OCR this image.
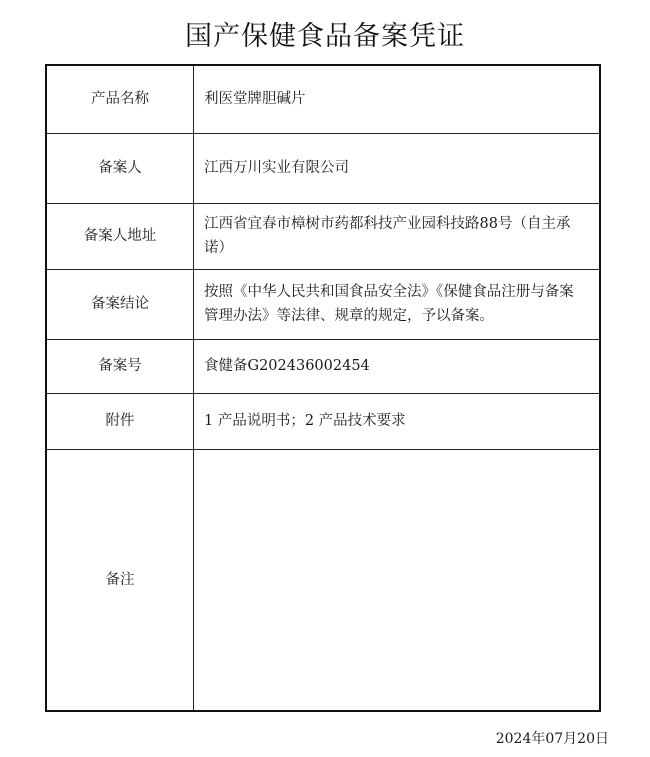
国产保健食品备案凭证
产品名称	利医堂牌胆碱片
备案人	江西万川实业有限公司
备案人地址	江西省宜春市樟树市药都科技产业园科技路88号（自主承诺）
备案结论	按照《中华人民共和国食品安全法》《保健食品注册与备案管理办法》等法律、规章的规定，予以备案。
备案号	食健备G202436002454
附件	1 产品说明书；2 产品技术要求
备注	
2024年07月20日
